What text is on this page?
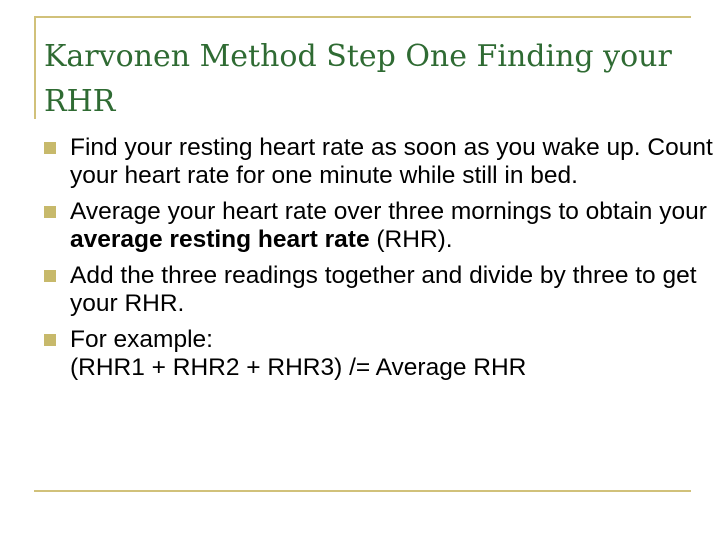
Karvonen Method Step One Finding your RHR
Find your resting heart rate as soon as you wake up. Count your heart rate for one minute while still in bed.
Average your heart rate over three mornings to obtain your average resting heart rate (RHR).
Add the three readings together and divide by three to get your RHR.
For example:
(RHR1 + RHR2 + RHR3) /= Average RHR
